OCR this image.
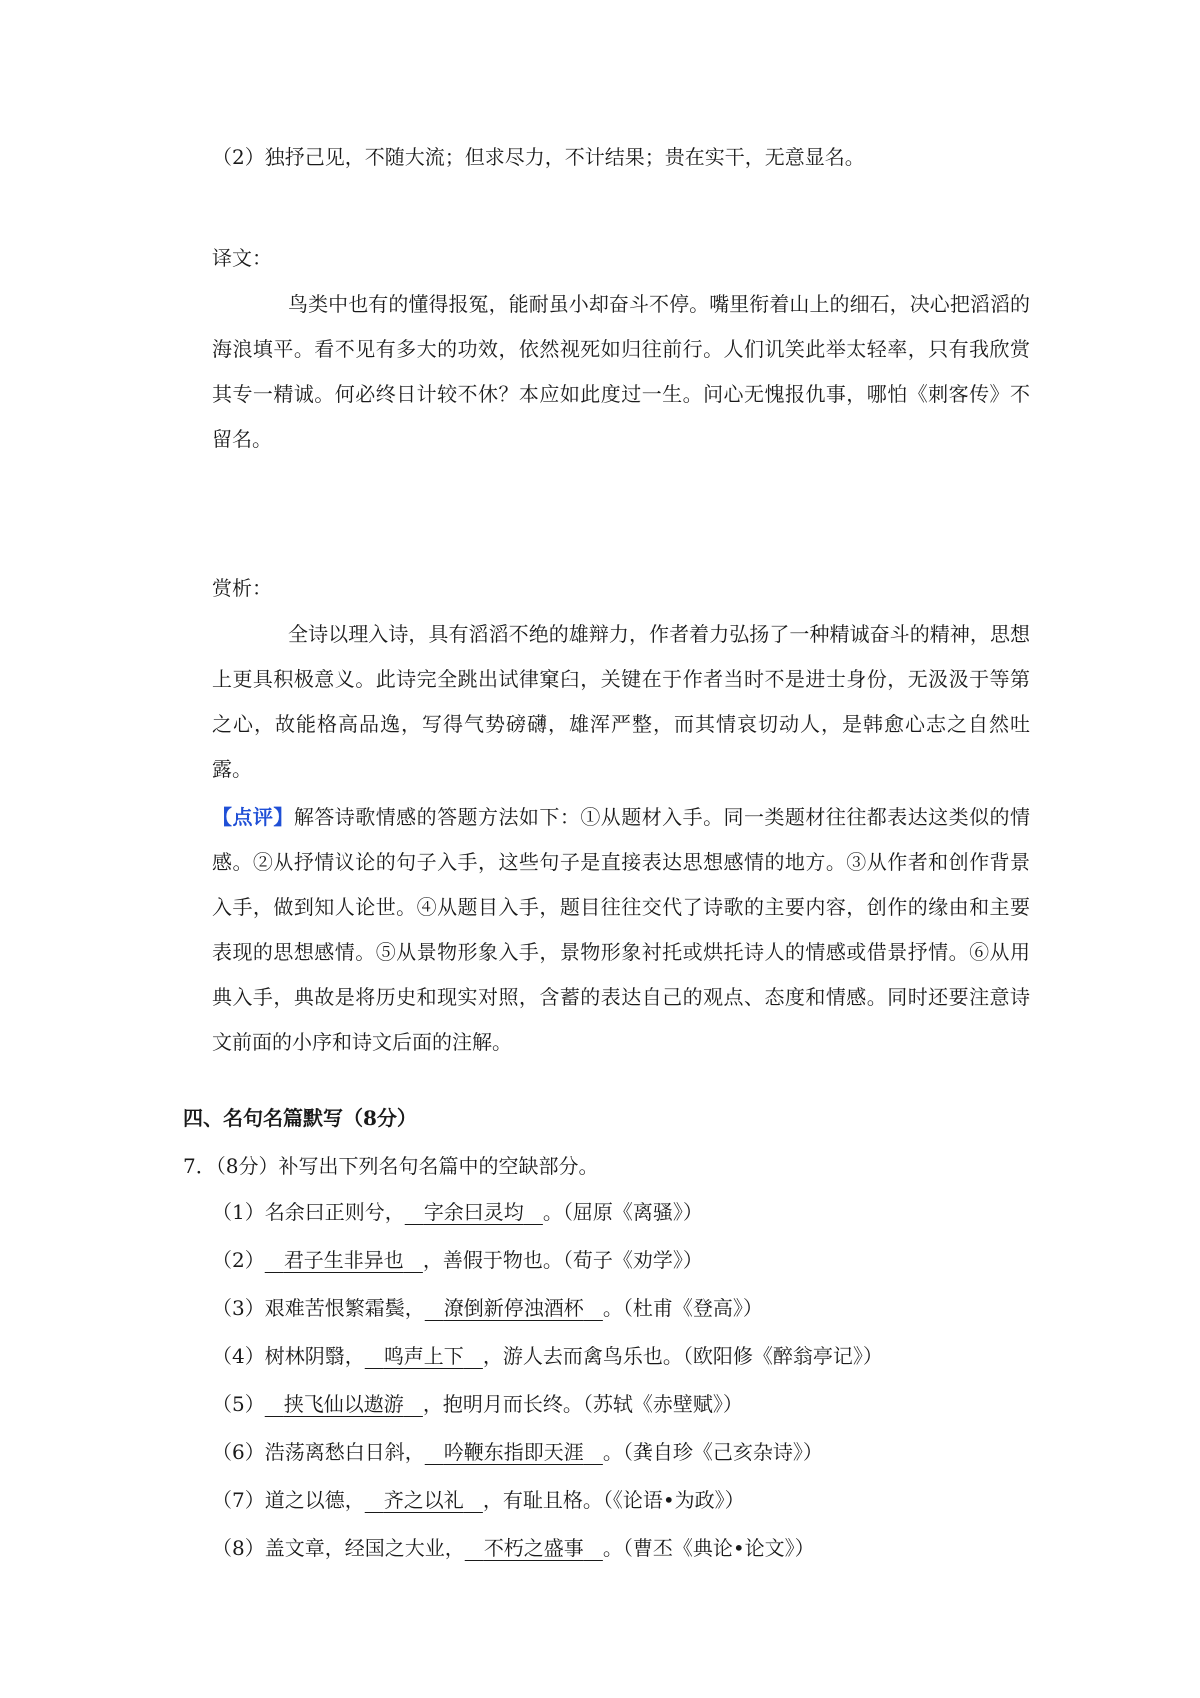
（2）独抒己见，不随大流；但求尽力，不计结果；贵在实干，无意显名。
译文：
鸟类中也有的懂得报冤，能耐虽小却奋斗不停。嘴里衔着山上的细石，决心把滔滔的海浪填平。看不见有多大的功效，依然视死如归往前行。人们讥笑此举太轻率，只有我欣赏其专一精诚。何必终日计较不休？本应如此度过一生。问心无愧报仇事，哪怕《刺客传》不留名。
赏析：
全诗以理入诗，具有滔滔不绝的雄辩力，作者着力弘扬了一种精诚奋斗的精神，思想上更具积极意义。此诗完全跳出试律窠臼，关键在于作者当时不是进士身份，无汲汲于等第之心，故能格高品逸，写得气势磅礴，雄浑严整，而其情哀切动人，是韩愈心志之自然吐露。
【点评】解答诗歌情感的答题方法如下：①从题材入手。同一类题材往往都表达这类似的情感。②从抒情议论的句子入手，这些句子是直接表达思想感情的地方。③从作者和创作背景入手，做到知人论世。④从题目入手，题目往往交代了诗歌的主要内容，创作的缘由和主要表现的思想感情。⑤从景物形象入手，景物形象衬托或烘托诗人的情感或借景抒情。⑥从用典入手，典故是将历史和现实对照，含蓄的表达自己的观点、态度和情感。同时还要注意诗文前面的小序和诗文后面的注解。
四、名句名篇默写（8分）
7．（8分）补写出下列名句名篇中的空缺部分。
（1）名余曰正则兮， 字余曰灵均 。（屈原《离骚》）
（2） 君子生非异也 ，善假于物也。（荀子《劝学》）
（3）艰难苦恨繁霜鬓， 潦倒新停浊酒杯 。（杜甫《登高》）
（4）树林阴翳， 鸣声上下 ，游人去而禽鸟乐也。（欧阳修《醉翁亭记》）
（5） 挟飞仙以遨游 ，抱明月而长终。（苏轼《赤壁赋》）
（6）浩荡离愁白日斜， 吟鞭东指即天涯 。（龚自珍《己亥杂诗》）
（7）道之以德， 齐之以礼 ，有耻且格。（《论语•为政》）
（8）盖文章，经国之大业， 不朽之盛事 。（曹丕《典论•论文》）
